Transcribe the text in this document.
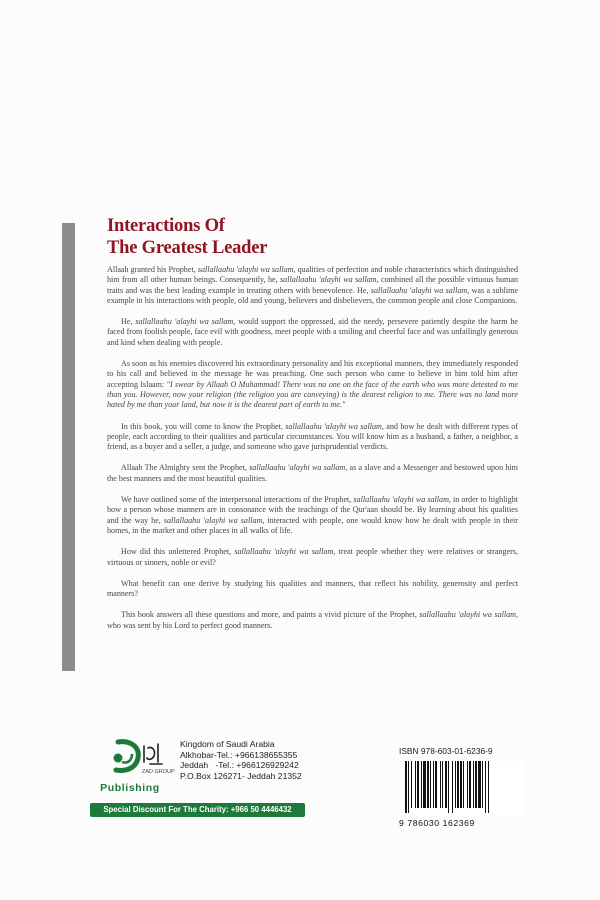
Interactions Of
The Greatest Leader

Allaah granted his Prophet, sallallaahu 'alayhi wa sallam, qualities of perfection and noble characteristics which distinguished him from all other human beings. Consequently, he, sallallaahu 'alayhi wa sallam, combined all the possible virtuous human traits and was the best leading example in treating others with benevolence. He, sallallaahu 'alayhi wa sallam, was a sublime example in his interactions with people, old and young, believers and disbelievers, the common people and close Companions.

He, sallallaahu 'alayhi wa sallam, would support the oppressed, aid the needy, persevere patiently despite the harm he faced from foolish people, face evil with goodness, meet people with a smiling and cheerful face and was unfailingly generous and kind when dealing with people.

As soon as his enemies discovered his extraordinary personality and his exceptional manners, they immediately responded to his call and believed in the message he was preaching. One such person who came to believe in him told him after accepting Islaam: "I swear by Allaah O Muhammad! There was no one on the face of the earth who was more detested to me than you. However, now your religion (the religion you are conveying) is the dearest religion to me. There was no land more hated by me than your land, but now it is the dearest part of earth to me."

In this book, you will come to know the Prophet, sallallaahu 'alayhi wa sallam, and how he dealt with different types of people, each according to their qualities and particular circumstances. You will know him as a husband, a father, a neighbor, a friend, as a buyer and a seller, a judge, and someone who gave jurisprudential verdicts.

Allaah The Almighty sent the Prophet, sallallaahu 'alayhi wa sallam, as a slave and a Messenger and bestowed upon him the best manners and the most beautiful qualities.

We have outlined some of the interpersonal interactions of the Prophet, sallallaahu 'alayhi wa sallam, in order to highlight how a person whose manners are in consonance with the teachings of the Qur'aan should be. By learning about his qualities and the way he, sallallaahu 'alayhi wa sallam, interacted with people, one would know how he dealt with people in their homes, in the market and other places in all walks of life.

How did this unlettered Prophet, sallallaahu 'alayhi wa sallam, treat people whether they were relatives or strangers, virtuous or sinners, noble or evil?

What benefit can one derive by studying his qualities and manners, that reflect his nobility, generosity and perfect manners?

This book answers all these questions and more, and paints a vivid picture of the Prophet, sallallaahu 'alayhi wa sallam, who was sent by his Lord to perfect good manners.

ZAD GROUP
Publishing
Kingdom of Saudi Arabia
Alkhobar-Tel.: +966138655355
Jeddah   -Tel.: +966126929242
P.O.Box 126271- Jeddah 21352
Special Discount For The Charity: +966 50 4446432
ISBN 978-603-01-6236-9
9 786030 162369
